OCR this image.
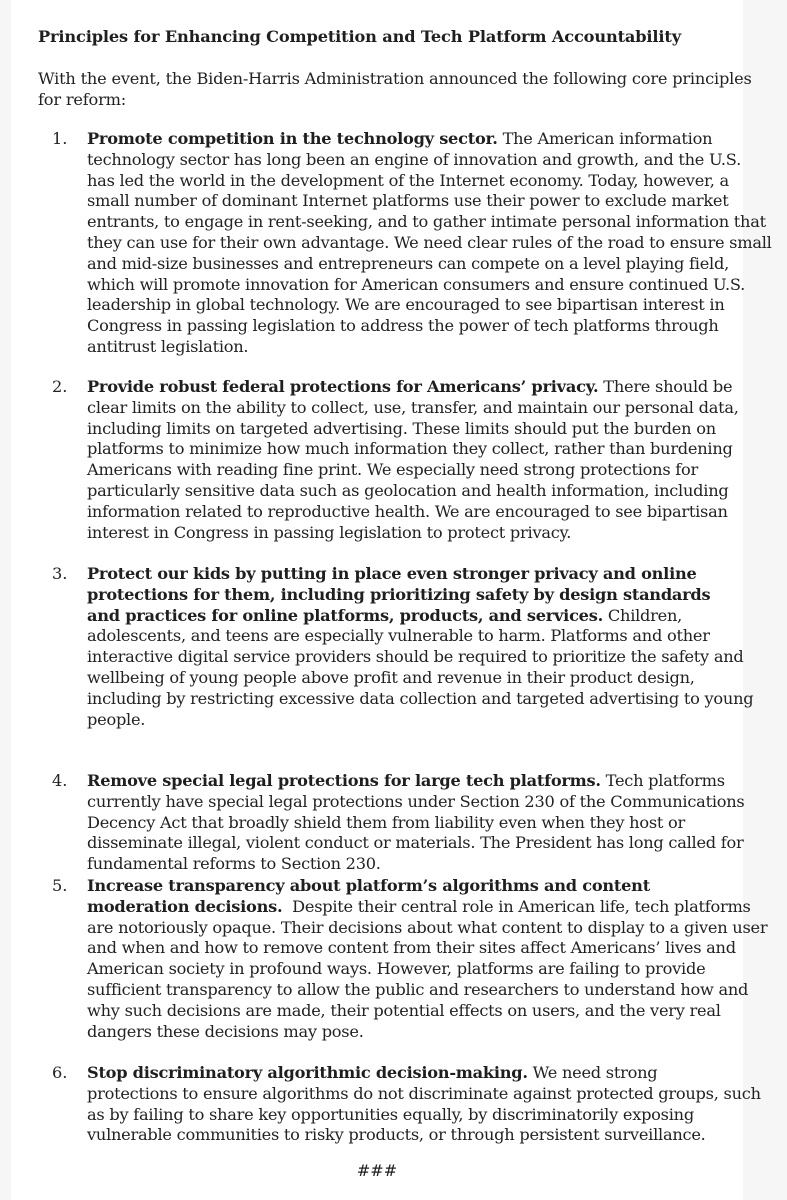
Principles for Enhancing Competition and Tech Platform Accountability
With the event, the Biden-Harris Administration announced the following core principles
for reform:
1. Promote competition in the technology sector. The American information
technology sector has long been an engine of innovation and growth, and the U.S.
has led the world in the development of the Internet economy. Today, however, a
small number of dominant Internet platforms use their power to exclude market
entrants, to engage in rent-seeking, and to gather intimate personal information that
they can use for their own advantage. We need clear rules of the road to ensure small
and mid-size businesses and entrepreneurs can compete on a level playing field,
which will promote innovation for American consumers and ensure continued U.S.
leadership in global technology. We are encouraged to see bipartisan interest in
Congress in passing legislation to address the power of tech platforms through
antitrust legislation.
2. Provide robust federal protections for Americans’ privacy. There should be
clear limits on the ability to collect, use, transfer, and maintain our personal data,
including limits on targeted advertising. These limits should put the burden on
platforms to minimize how much information they collect, rather than burdening
Americans with reading fine print. We especially need strong protections for
particularly sensitive data such as geolocation and health information, including
information related to reproductive health. We are encouraged to see bipartisan
interest in Congress in passing legislation to protect privacy.
3. Protect our kids by putting in place even stronger privacy and online
protections for them, including prioritizing safety by design standards
and practices for online platforms, products, and services. Children,
adolescents, and teens are especially vulnerable to harm. Platforms and other
interactive digital service providers should be required to prioritize the safety and
wellbeing of young people above profit and revenue in their product design,
including by restricting excessive data collection and targeted advertising to young
people.
4. Remove special legal protections for large tech platforms. Tech platforms
currently have special legal protections under Section 230 of the Communications
Decency Act that broadly shield them from liability even when they host or
disseminate illegal, violent conduct or materials. The President has long called for
fundamental reforms to Section 230.
5. Increase transparency about platform’s algorithms and content
moderation decisions.  Despite their central role in American life, tech platforms
are notoriously opaque. Their decisions about what content to display to a given user
and when and how to remove content from their sites affect Americans’ lives and
American society in profound ways. However, platforms are failing to provide
sufficient transparency to allow the public and researchers to understand how and
why such decisions are made, their potential effects on users, and the very real
dangers these decisions may pose.
6. Stop discriminatory algorithmic decision-making. We need strong
protections to ensure algorithms do not discriminate against protected groups, such
as by failing to share key opportunities equally, by discriminatorily exposing
vulnerable communities to risky products, or through persistent surveillance.
###
